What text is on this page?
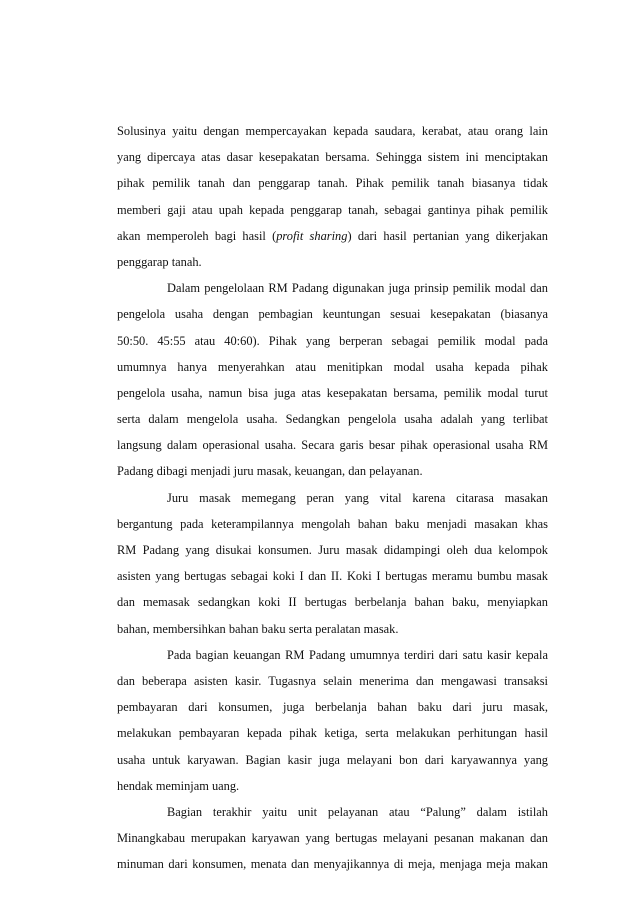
Solusinya yaitu dengan mempercayakan kepada saudara, kerabat, atau orang lain
yang dipercaya atas dasar kesepakatan bersama. Sehingga sistem ini menciptakan
pihak pemilik tanah dan penggarap tanah. Pihak pemilik tanah biasanya tidak
memberi gaji atau upah kepada penggarap tanah, sebagai gantinya pihak pemilik
akan memperoleh bagi hasil (profit sharing) dari hasil pertanian yang dikerjakan
penggarap tanah.
Dalam pengelolaan RM Padang digunakan juga prinsip pemilik modal dan
pengelola usaha dengan pembagian keuntungan sesuai kesepakatan (biasanya
50:50. 45:55 atau 40:60). Pihak yang berperan sebagai pemilik modal pada
umumnya hanya menyerahkan atau menitipkan modal usaha kepada pihak
pengelola usaha, namun bisa juga atas kesepakatan bersama, pemilik modal turut
serta dalam mengelola usaha. Sedangkan pengelola usaha adalah yang terlibat
langsung dalam operasional usaha. Secara garis besar pihak operasional usaha RM
Padang dibagi menjadi juru masak, keuangan, dan pelayanan.
Juru masak memegang peran yang vital karena citarasa masakan
bergantung pada keterampilannya mengolah bahan baku menjadi masakan khas
RM Padang yang disukai konsumen. Juru masak didampingi oleh dua kelompok
asisten yang bertugas sebagai koki I dan II. Koki I bertugas meramu bumbu masak
dan memasak sedangkan koki II bertugas berbelanja bahan baku, menyiapkan
bahan, membersihkan bahan baku serta peralatan masak.
Pada bagian keuangan RM Padang umumnya terdiri dari satu kasir kepala
dan beberapa asisten kasir. Tugasnya selain menerima dan mengawasi transaksi
pembayaran dari konsumen, juga berbelanja bahan baku dari juru masak,
melakukan pembayaran kepada pihak ketiga, serta melakukan perhitungan hasil
usaha untuk karyawan. Bagian kasir juga melayani bon dari karyawannya yang
hendak meminjam uang.
Bagian terakhir yaitu unit pelayanan atau “Palung” dalam istilah
Minangkabau merupakan karyawan yang bertugas melayani pesanan makanan dan
minuman dari konsumen, menata dan menyajikannya di meja, menjaga meja makan
